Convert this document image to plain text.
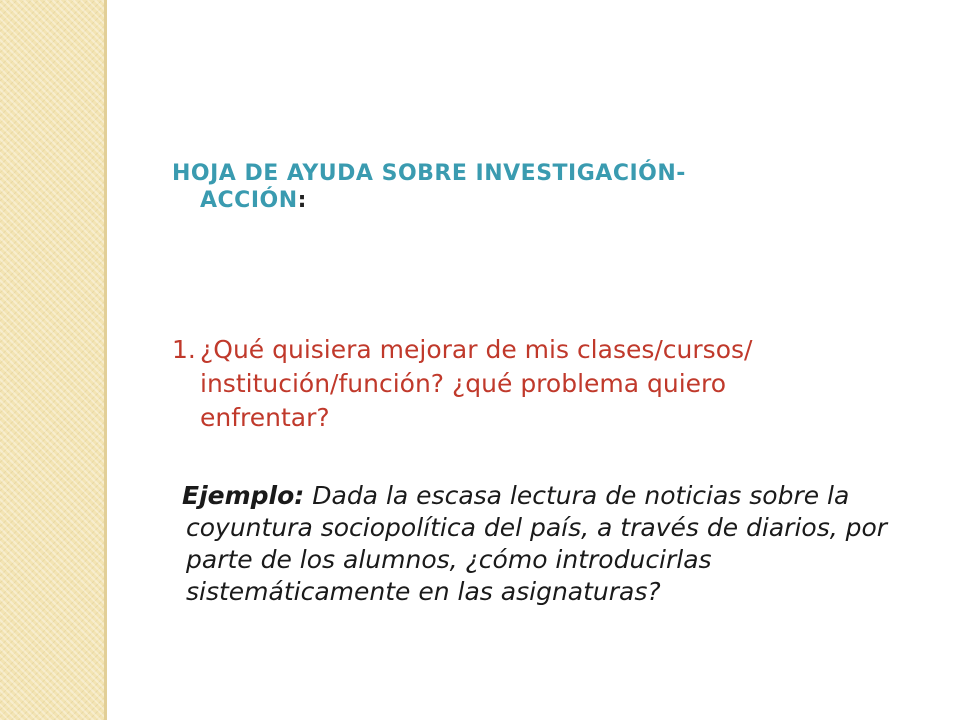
HOJA DE AYUDA SOBRE INVESTIGACIÓN-
ACCIÓN:
1. ¿Qué quisiera mejorar de mis clases/cursos/
institución/función? ¿qué problema quiero
enfrentar?
Ejemplo: Dada la escasa lectura de noticias sobre la
coyuntura sociopolítica del país, a través de diarios, por
parte de los alumnos, ¿cómo introducirlas
sistemáticamente en las asignaturas?
